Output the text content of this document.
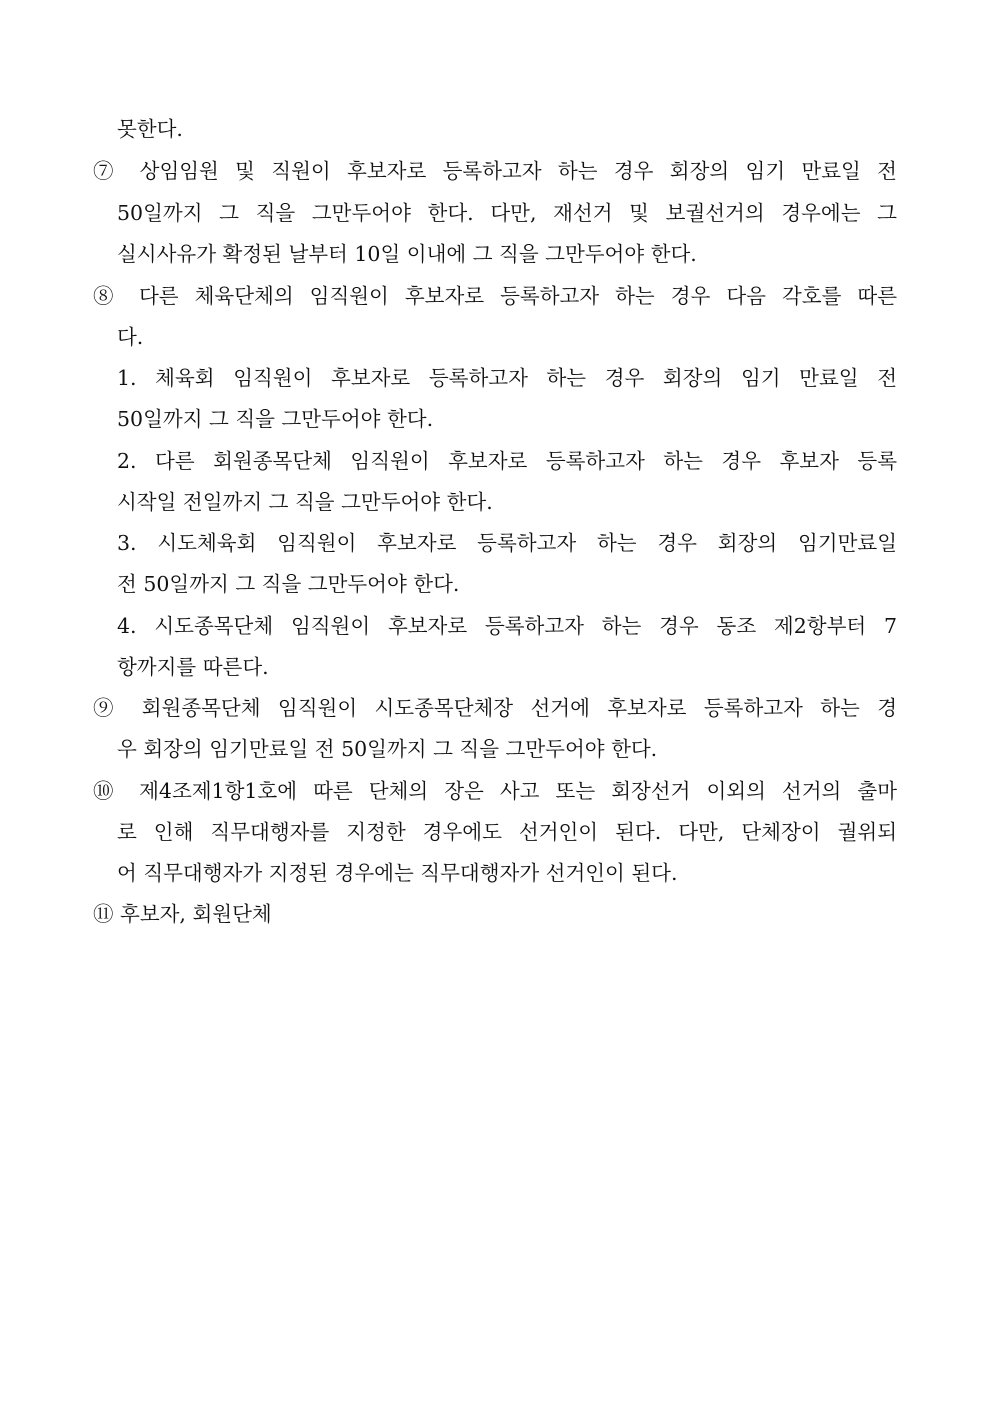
못한다.
⑦ 상임임원 및 직원이 후보자로 등록하고자 하는 경우 회장의 임기 만료일 전
50일까지 그 직을 그만두어야 한다. 다만, 재선거 및 보궐선거의 경우에는 그
실시사유가 확정된 날부터 10일 이내에 그 직을 그만두어야 한다.
⑧ 다른 체육단체의 임직원이 후보자로 등록하고자 하는 경우 다음 각호를 따른
다.
1. 체육회 임직원이 후보자로 등록하고자 하는 경우 회장의 임기 만료일 전
50일까지 그 직을 그만두어야 한다.
2. 다른 회원종목단체 임직원이 후보자로 등록하고자 하는 경우 후보자 등록
시작일 전일까지 그 직을 그만두어야 한다.
3. 시도체육회 임직원이 후보자로 등록하고자 하는 경우 회장의 임기만료일
전 50일까지 그 직을 그만두어야 한다.
4. 시도종목단체 임직원이 후보자로 등록하고자 하는 경우 동조 제2항부터 7
항까지를 따른다.
⑨ 회원종목단체 임직원이 시도종목단체장 선거에 후보자로 등록하고자 하는 경
우 회장의 임기만료일 전 50일까지 그 직을 그만두어야 한다.
⑩ 제4조제1항1호에 따른 단체의 장은 사고 또는 회장선거 이외의 선거의 출마
로 인해 직무대행자를 지정한 경우에도 선거인이 된다. 다만, 단체장이 궐위되
어 직무대행자가 지정된 경우에는 직무대행자가 선거인이 된다.
⑪ 후보자, 회원단체
